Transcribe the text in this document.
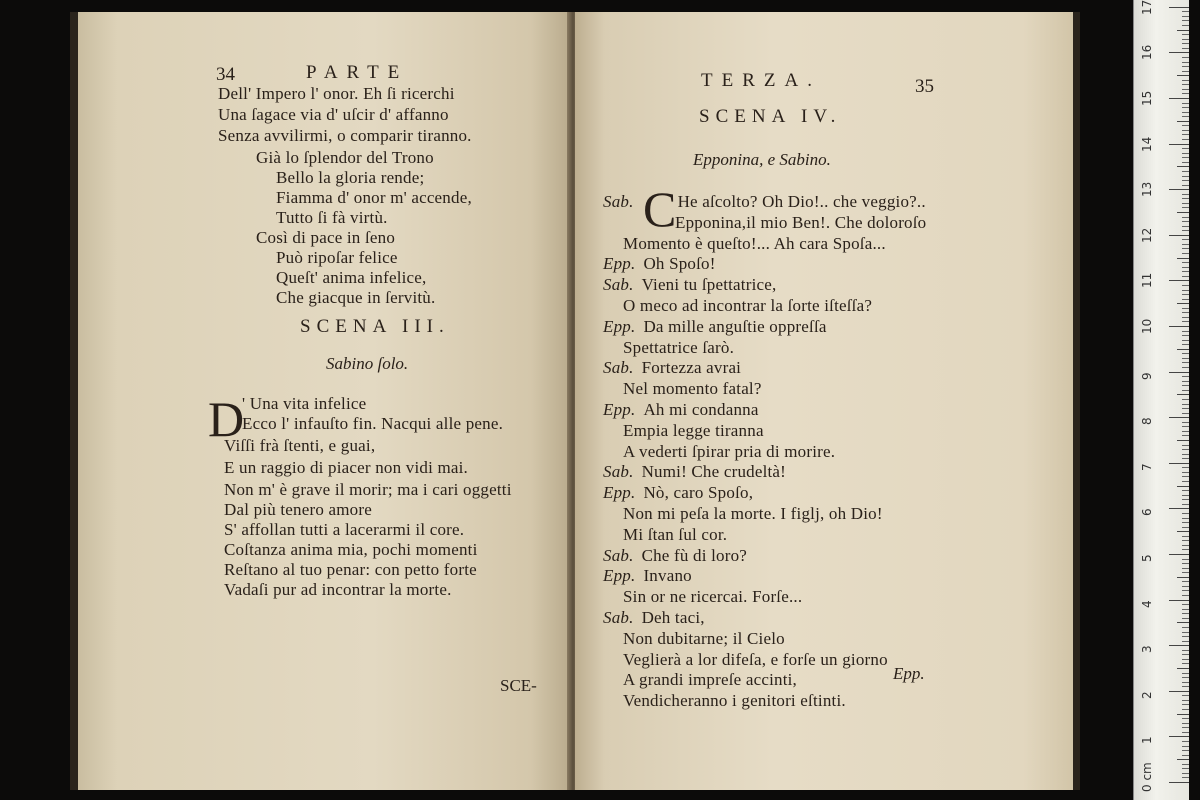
34	PARTE
Dell' Impero l' onor. Eh ſi ricerchi
Una ſagace via d' uſcir d' affanno
Senza avvilirmi, o comparir tiranno.
Già lo ſplendor del Trono
Bello la gloria rende;
Fiamma d' onor m' accende,
Tutto ſi fà virtù.
Così di pace in ſeno
Può ripoſar felice
Queſt' anima infelice,
Che giacque in ſervitù.
SCENA III.
Sabino ſolo.
D
' Una vita infelice
Ecco l' infauſto fin. Nacqui alle pene.
Viſſi frà ſtenti, e guai,
E un raggio di piacer non vidi mai.
Non m' è grave il morir; ma i cari oggetti
Dal più tenero amore
S' affollan tutti a lacerarmi il core.
Coſtanza anima mia, pochi momenti
Reſtano al tuo penar: con petto forte
Vadaſi pur ad incontrar la morte.
SCE-
TERZA.	35
SCENA IV.
Epponina, e Sabino.
C
Sab.	He aſcolto? Oh Dio!.. che veggio?..
Epponina,il mio Ben!. Che doloroſo
Momento è queſto!... Ah cara Spoſa...
Epp. Oh Spoſo!
Sab. Vieni tu ſpettatrice,
O meco ad incontrar la ſorte iſteſſa?
Epp. Da mille anguſtie oppreſſa
Spettatrice ſarò.
Sab. Fortezza avrai
Nel momento fatal?
Epp. Ah mi condanna
Empia legge tiranna
A vederti ſpirar pria di morire.
Sab. Numi! Che crudeltà!
Epp. Nò, caro Spoſo,
Non mi peſa la morte. I figlj, oh Dio!
Mi ſtan ſul cor.
Sab. Che fù di loro?
Epp. Invano
Sin or ne ricercai. Forſe...
Sab. Deh taci,
Non dubitarne; il Cielo
Veglierà a lor difeſa, e forſe un giorno
A grandi impreſe accinti,
Vendicheranno i genitori eſtinti.
Epp.
1
2
3
4
5
6
7
8
9
10
11
12
13
14
15
16
17
0 cm
